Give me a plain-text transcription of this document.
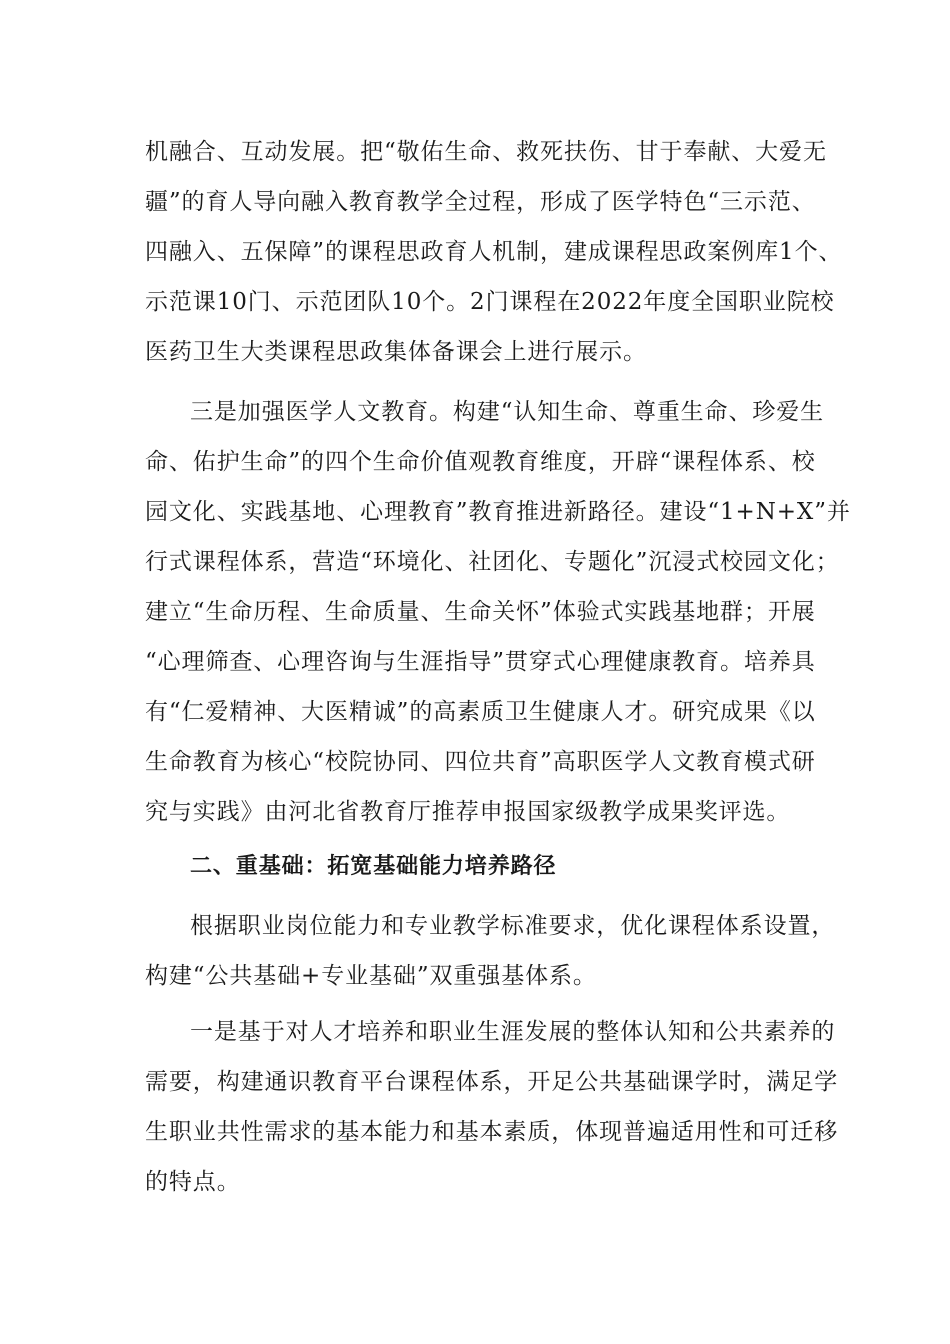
机融合、互动发展。把“敬佑生命、救死扶伤、甘于奉献、大爱无
疆”的育人导向融入教育教学全过程，形成了医学特色“三示范、
四融入、五保障”的课程思政育人机制，建成课程思政案例库1个、
示范课10门、示范团队10个。2门课程在2022年度全国职业院校
医药卫生大类课程思政集体备课会上进行展示。
三是加强医学人文教育。构建“认知生命、尊重生命、珍爱生
命、佑护生命”的四个生命价值观教育维度，开辟“课程体系、校
园文化、实践基地、心理教育”教育推进新路径。建设“1+N+X”并
行式课程体系，营造“环境化、社团化、专题化”沉浸式校园文化；
建立“生命历程、生命质量、生命关怀”体验式实践基地群；开展
“心理筛查、心理咨询与生涯指导”贯穿式心理健康教育。培养具
有“仁爱精神、大医精诚”的高素质卫生健康人才。研究成果《以
生命教育为核心“校院协同、四位共育”高职医学人文教育模式研
究与实践》由河北省教育厅推荐申报国家级教学成果奖评选。
二、重基础：拓宽基础能力培养路径
根据职业岗位能力和专业教学标准要求，优化课程体系设置，
构建“公共基础+专业基础”双重强基体系。
一是基于对人才培养和职业生涯发展的整体认知和公共素养的
需要，构建通识教育平台课程体系，开足公共基础课学时，满足学
生职业共性需求的基本能力和基本素质，体现普遍适用性和可迁移
的特点。
